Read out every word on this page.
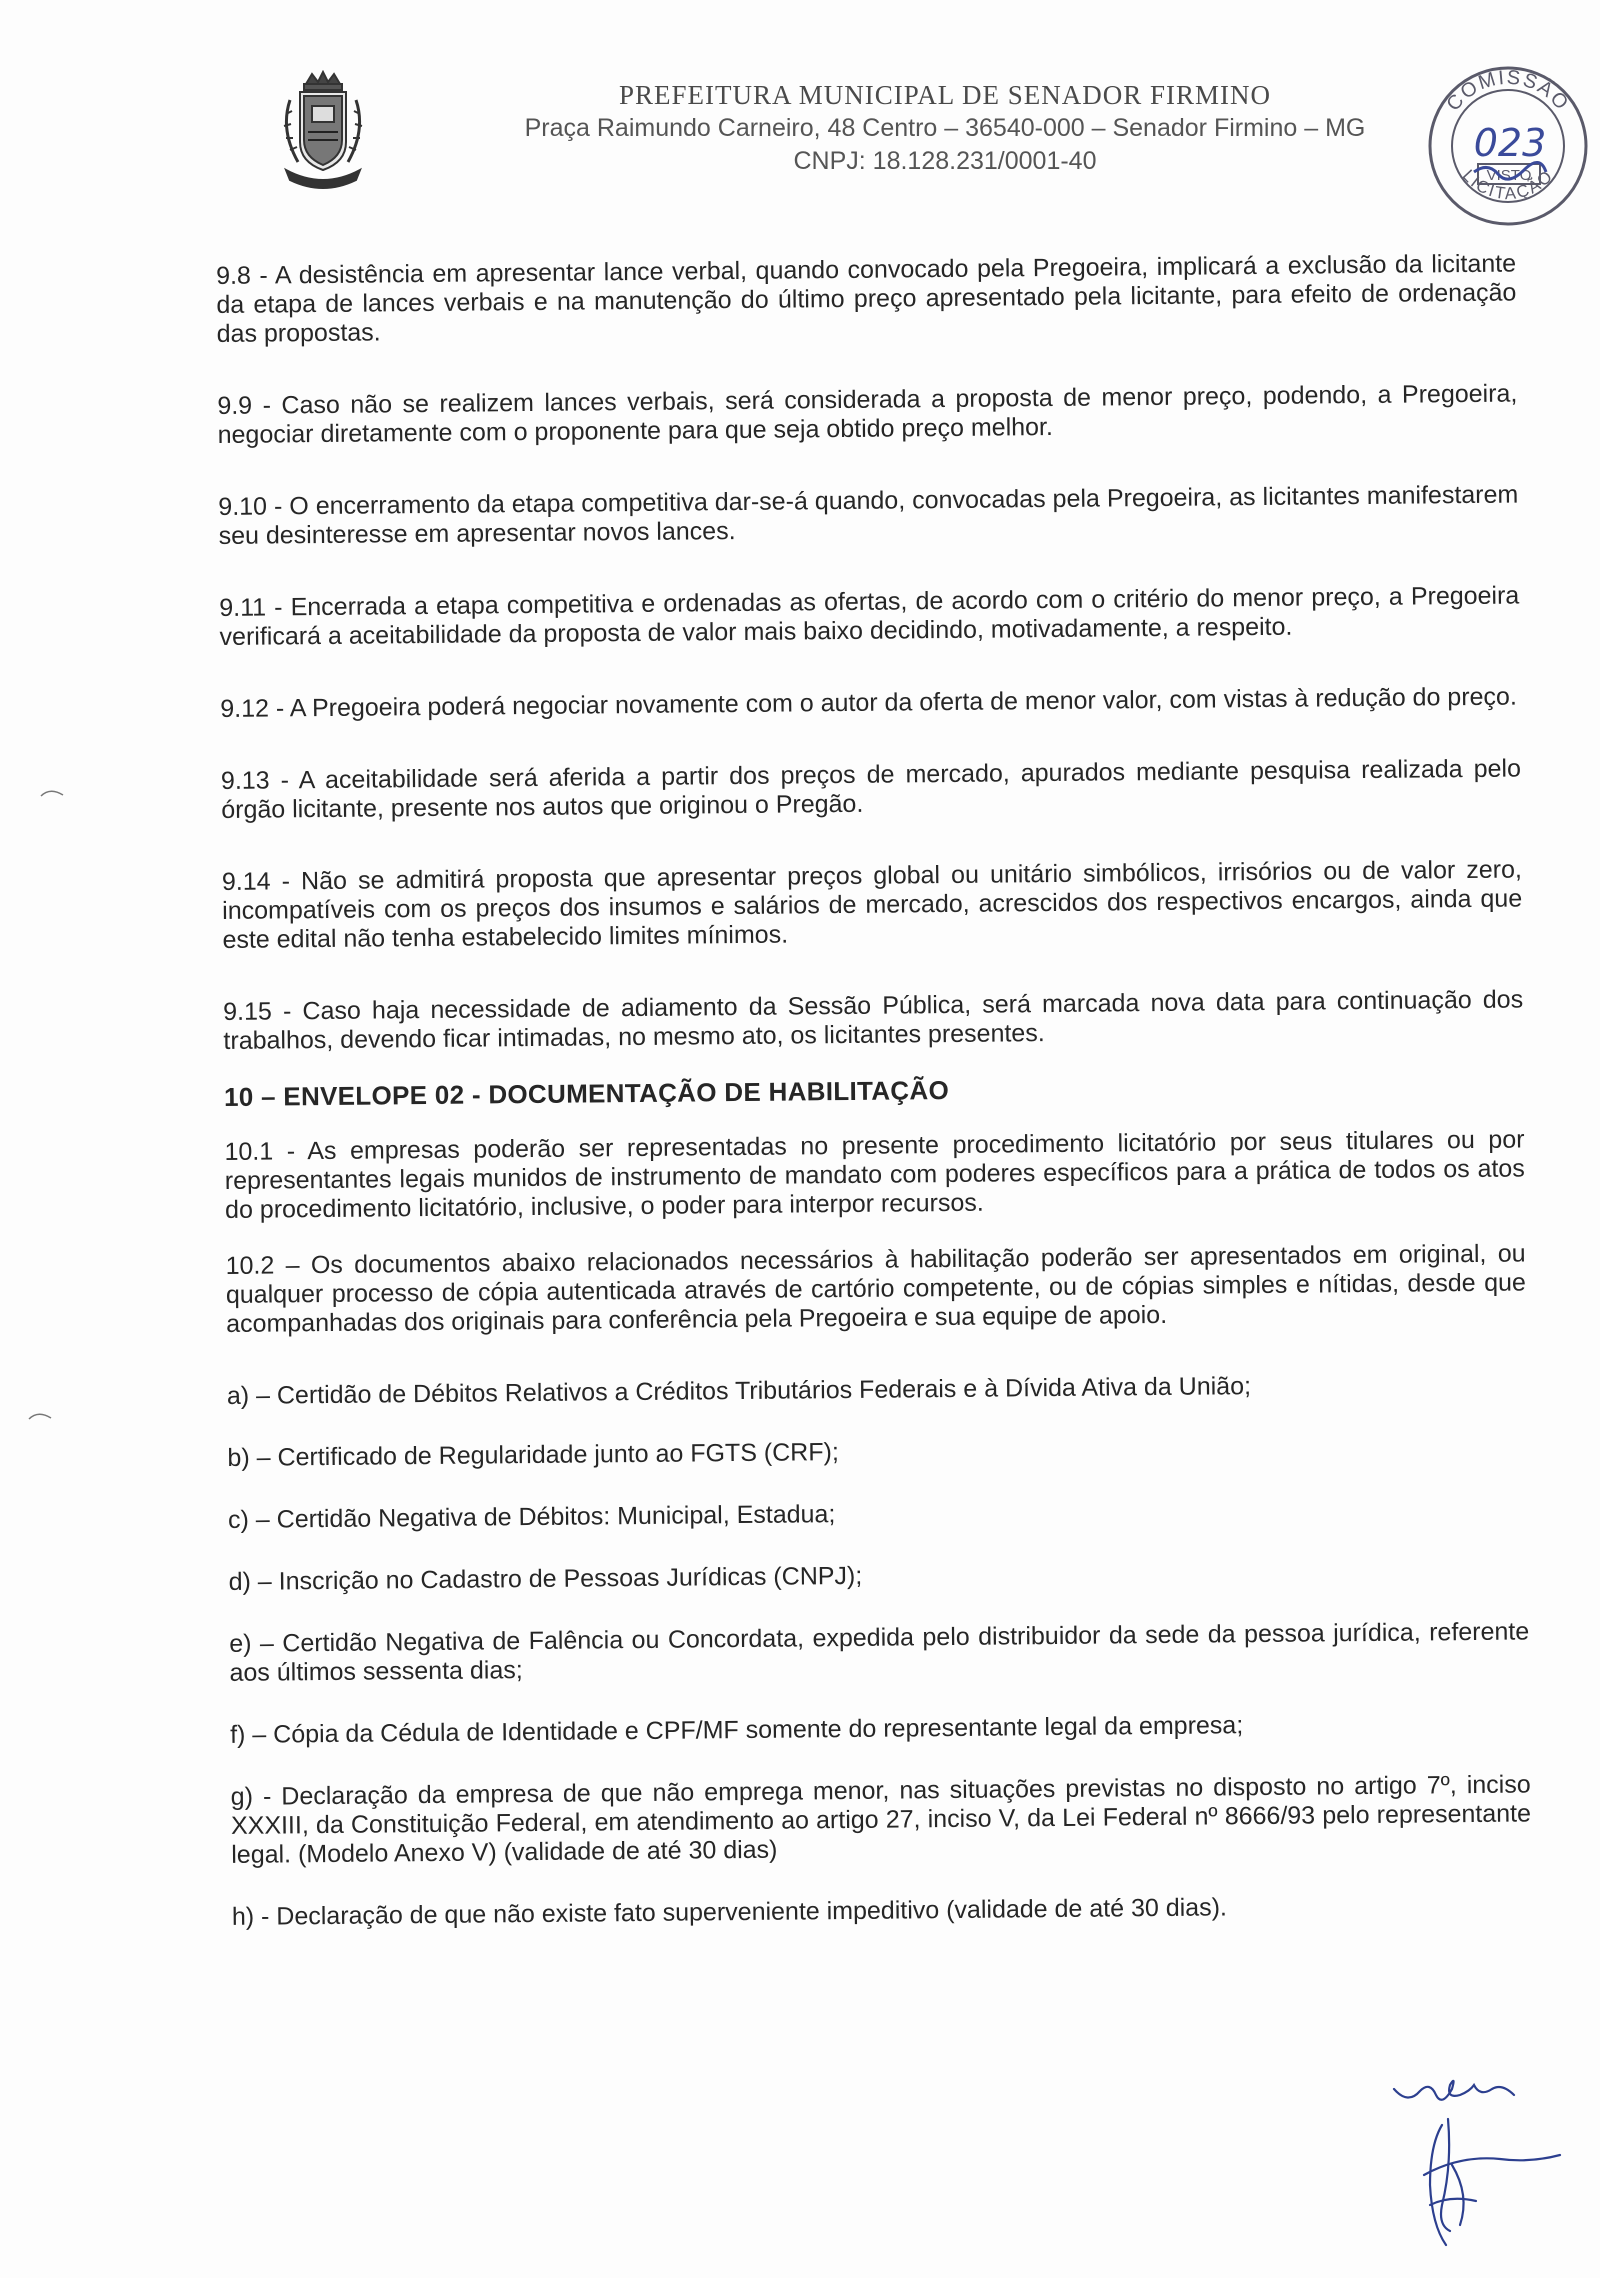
PREFEITURA MUNICIPAL DE SENADOR FIRMINO

Praça Raimundo Carneiro, 48 Centro – 36540-000 – Senador Firmino – MG

CNPJ: 18.128.231/0001-40

COMISSÃO
LICITAÇÃO
023
VISTO

9.8 - A desistência em apresentar lance verbal, quando convocado pela Pregoeira, implicará a exclusão da licitante da etapa de lances verbais e na manutenção do último preço apresentado pela licitante, para efeito de ordenação das propostas.

9.9 - Caso não se realizem lances verbais, será considerada a proposta de menor preço, podendo, a Pregoeira, negociar diretamente com o proponente para que seja obtido preço melhor.

9.10 - O encerramento da etapa competitiva dar-se-á quando, convocadas pela Pregoeira, as licitantes manifestarem seu desinteresse em apresentar novos lances.

9.11 - Encerrada a etapa competitiva e ordenadas as ofertas, de acordo com o critério do menor preço, a Pregoeira verificará a aceitabilidade da proposta de valor mais baixo decidindo, motivadamente, a respeito.

9.12 - A Pregoeira poderá negociar novamente com o autor da oferta de menor valor, com vistas à redução do preço.

9.13 - A aceitabilidade será aferida a partir dos preços de mercado, apurados mediante pesquisa realizada pelo órgão licitante, presente nos autos que originou o Pregão.

9.14 - Não se admitirá proposta que apresentar preços global ou unitário simbólicos, irrisórios ou de valor zero, incompatíveis com os preços dos insumos e salários de mercado, acrescidos dos respectivos encargos, ainda que este edital não tenha estabelecido limites mínimos.

9.15 - Caso haja necessidade de adiamento da Sessão Pública, será marcada nova data para continuação dos trabalhos, devendo ficar intimadas, no mesmo ato, os licitantes presentes.

10 – ENVELOPE 02 - DOCUMENTAÇÃO DE HABILITAÇÃO

10.1 - As empresas poderão ser representadas no presente procedimento licitatório por seus titulares ou por representantes legais munidos de instrumento de mandato com poderes específicos para a prática de todos os atos do procedimento licitatório, inclusive, o poder para interpor recursos.

10.2 – Os documentos abaixo relacionados necessários à habilitação poderão ser apresentados em original, ou qualquer processo de cópia autenticada através de cartório competente, ou de cópias simples e nítidas, desde que acompanhadas dos originais para conferência pela Pregoeira e sua equipe de apoio.

a) – Certidão de Débitos Relativos a Créditos Tributários Federais e à Dívida Ativa da União;

b) – Certificado de Regularidade junto ao FGTS (CRF);

c) – Certidão Negativa de Débitos: Municipal, Estadua;

d) – Inscrição no Cadastro de Pessoas Jurídicas (CNPJ);

e) – Certidão Negativa de Falência ou Concordata, expedida pelo distribuidor da sede da pessoa jurídica, referente aos últimos sessenta dias;

f) – Cópia da Cédula de Identidade e CPF/MF somente do representante legal da empresa;

g) - Declaração da empresa de que não emprega menor, nas situações previstas no disposto no artigo 7º, inciso XXXIII, da Constituição Federal, em atendimento ao artigo 27, inciso V, da Lei Federal nº 8666/93 pelo representante legal. (Modelo Anexo V) (validade de até 30 dias)

h) - Declaração de que não existe fato superveniente impeditivo (validade de até 30 dias).
